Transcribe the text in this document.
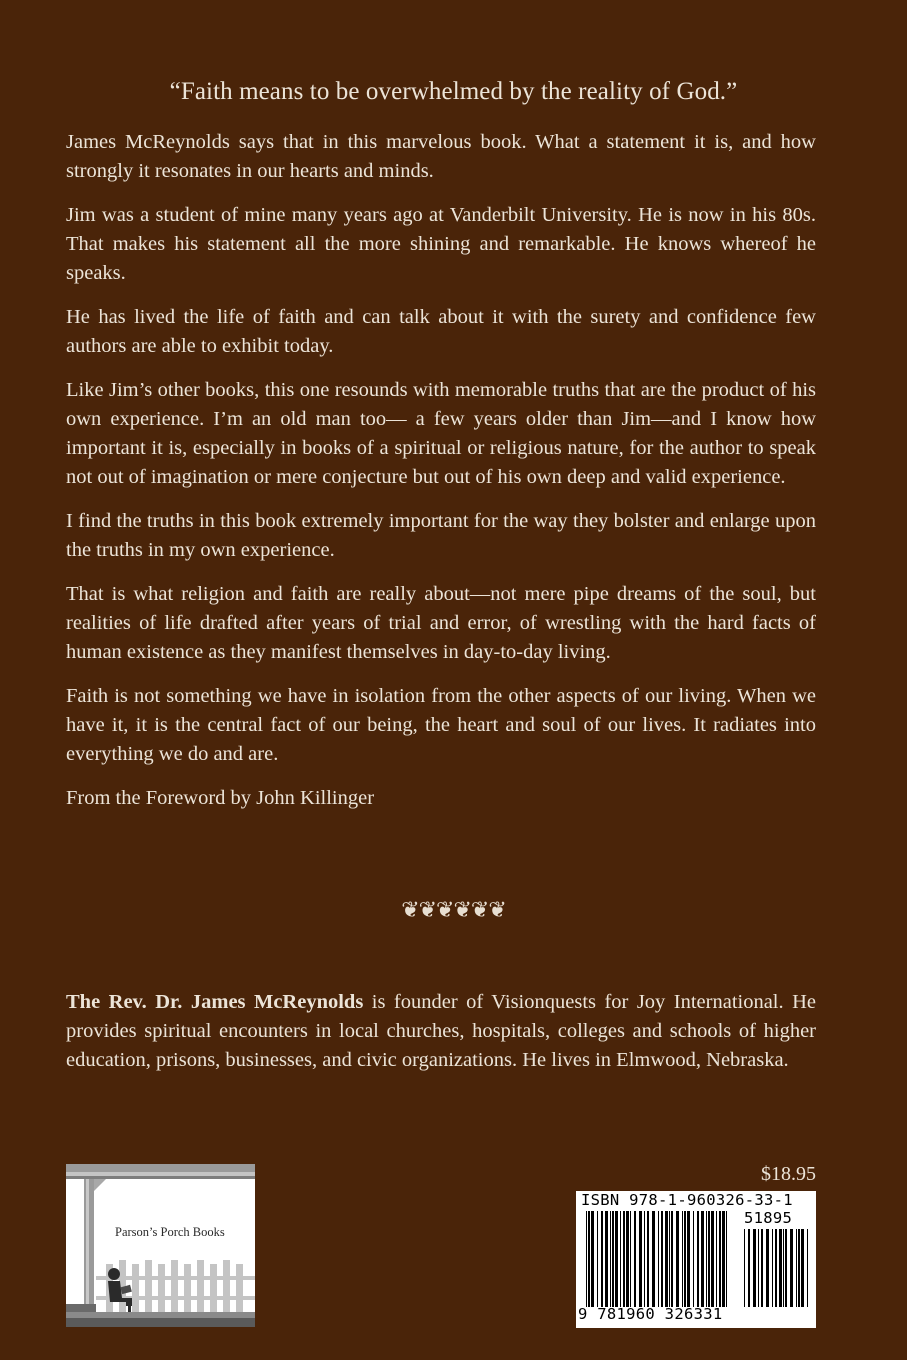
“Faith means to be overwhelmed by the reality of God.”

James McReynolds says that in this marvelous book. What a statement it is, and how strongly it resonates in our hearts and minds.

Jim was a student of mine many years ago at Vanderbilt University. He is now in his 80s. That makes his statement all the more shining and remarkable. He knows whereof he speaks.

He has lived the life of faith and can talk about it with the surety and confidence few authors are able to exhibit today.

Like Jim’s other books, this one resounds with memorable truths that are the product of his own experience. I’m an old man too— a few years older than Jim—and I know how important it is, especially in books of a spiritual or religious nature, for the author to speak not out of imagination or mere conjecture but out of his own deep and valid experience.

I find the truths in this book extremely important for the way they bolster and enlarge upon the truths in my own experience.

That is what religion and faith are really about—not mere pipe dreams of the soul, but realities of life drafted after years of trial and error, of wrestling with the hard facts of human existence as they manifest themselves in day-to-day living.

Faith is not something we have in isolation from the other aspects of our living. When we have it, it is the central fact of our being, the heart and soul of our lives. It radiates into everything we do and are.

From the Foreword by John Killinger

❦❦❦❦❦❦

The Rev. Dr. James McReynolds is founder of Visionquests for Joy International. He provides spiritual encounters in local churches, hospitals, colleges and schools of higher education, prisons, businesses, and civic organizations. He lives in Elmwood, Nebraska.

Parson’s Porch Books
$18.95
ISBN 978-1-960326-33-1
51895
9 781960 326331
